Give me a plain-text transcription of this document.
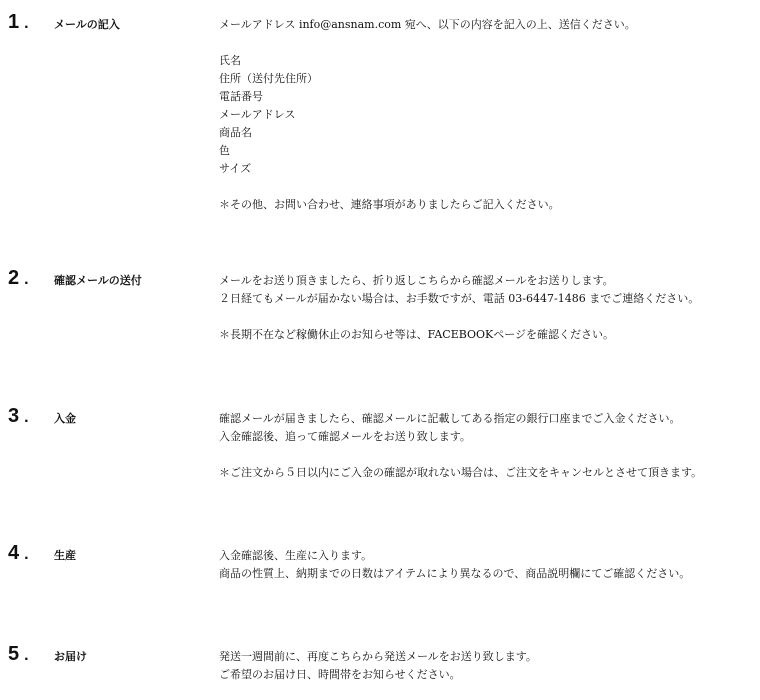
1 . メールの記入	メールアドレス info@ansnam.com 宛へ、以下の内容を記入の上、送信ください。
氏名
住所（送付先住所）
電話番号
メールアドレス
商品名
色
サイズ
＊その他、お問い合わせ、連絡事項がありましたらご記入ください。
2 . 確認メールの送付	メールをお送り頂きましたら、折り返しこちらから確認メールをお送りします。
２日経てもメールが届かない場合は、お手数ですが、電話 03-6447-1486 までご連絡ください。
＊長期不在など稼働休止のお知らせ等は、FACEBOOKページを確認ください。
3 . 入金	確認メールが届きましたら、確認メールに記載してある指定の銀行口座までご入金ください。
入金確認後、追って確認メールをお送り致します。
＊ご注文から５日以内にご入金の確認が取れない場合は、ご注文をキャンセルとさせて頂きます。
4 . 生産	入金確認後、生産に入ります。
商品の性質上、納期までの日数はアイテムにより異なるので、商品説明欄にてご確認ください。
5 . お届け	発送一週間前に、再度こちらから発送メールをお送り致します。
ご希望のお届け日、時間帯をお知らせください。
